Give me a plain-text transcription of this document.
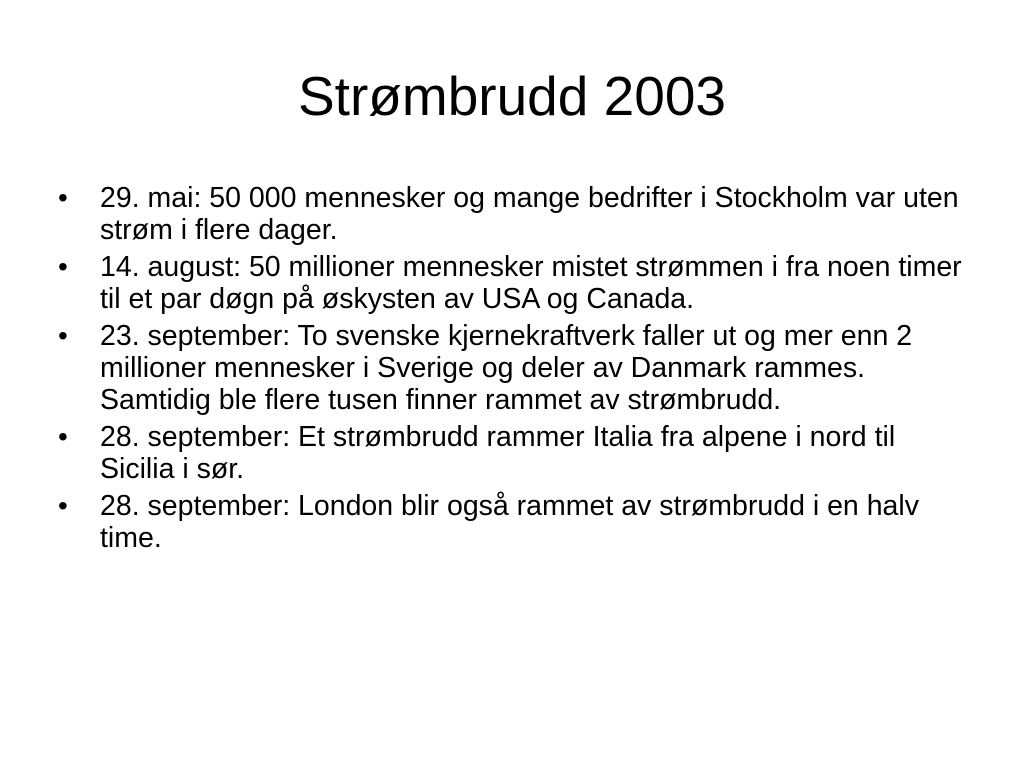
Strømbrudd 2003
•	29. mai: 50 000 mennesker og mange bedrifter i Stockholm var uten strøm i flere dager.
•	14. august: 50 millioner mennesker mistet strømmen i fra noen timer til et par døgn på øskysten av USA og Canada.
•	23. september: To svenske kjernekraftverk faller ut og mer enn 2 millioner mennesker i Sverige og deler av Danmark rammes. Samtidig ble flere tusen finner rammet av strømbrudd.
•	28. september: Et strømbrudd rammer Italia fra alpene i nord til Sicilia i sør.
•	28. september: London blir også rammet av strømbrudd i en halv time.
